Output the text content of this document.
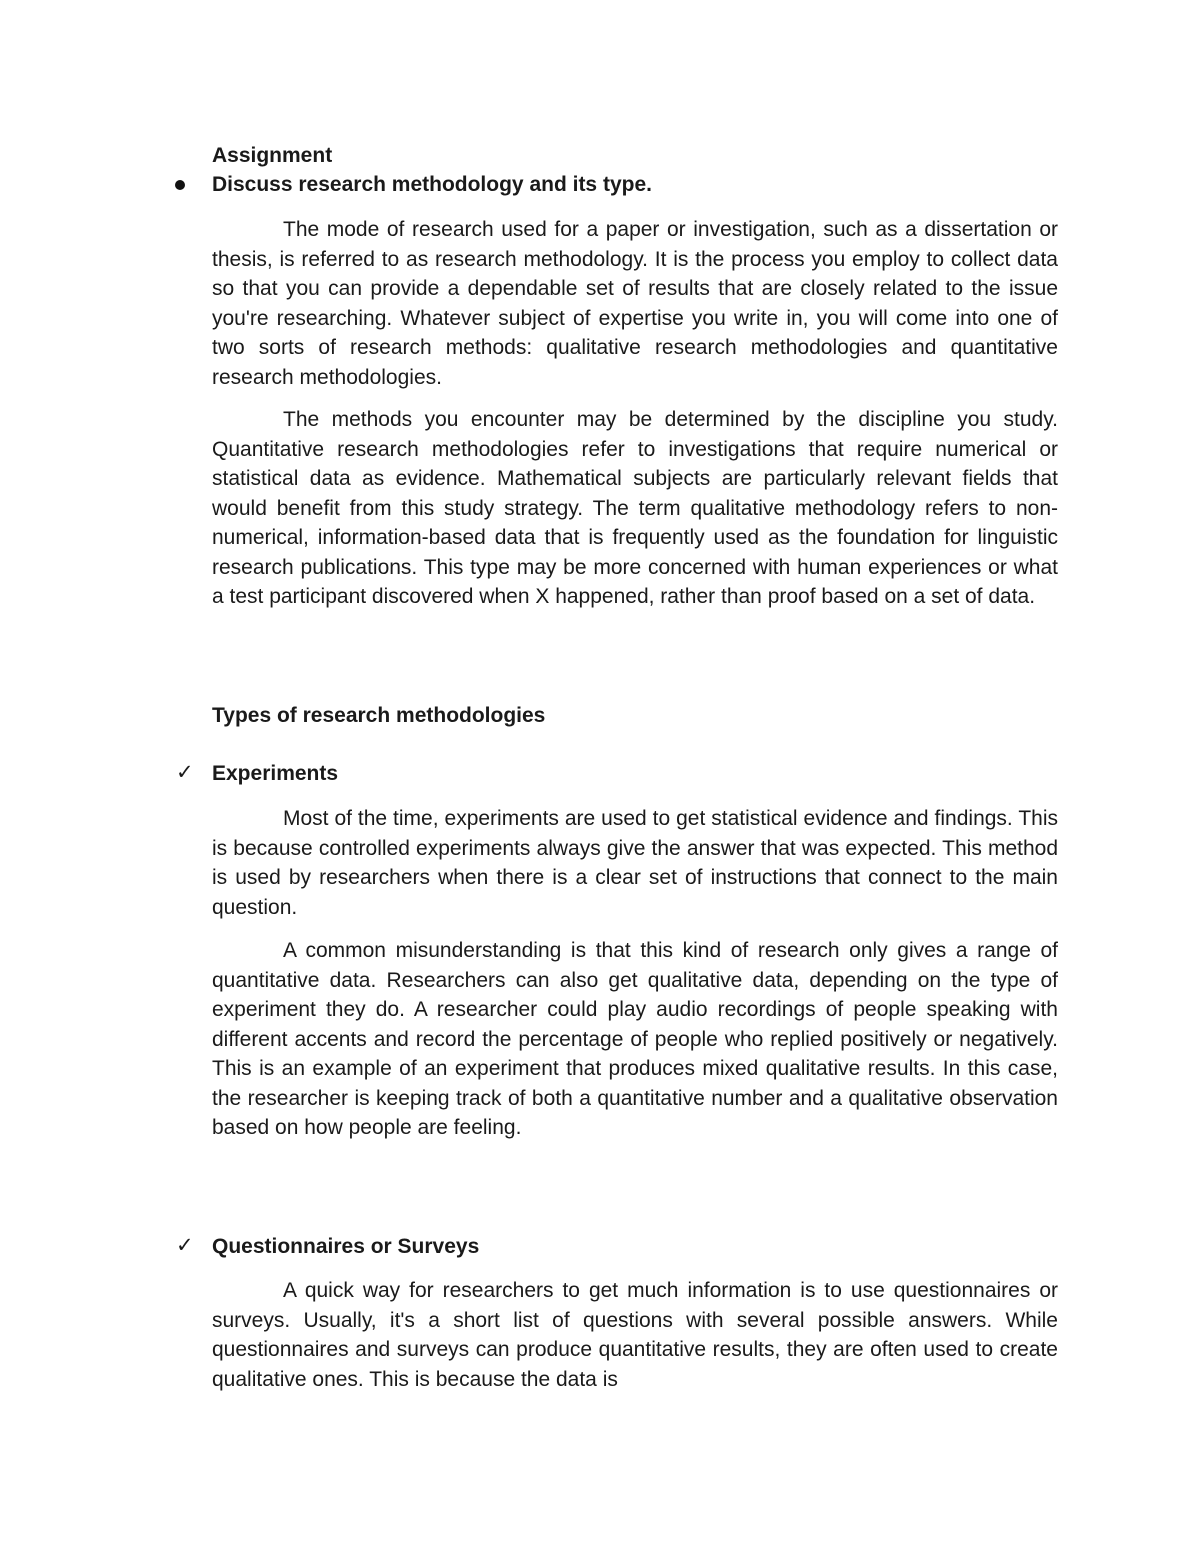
Assignment
Discuss research methodology and its type.

The mode of research used for a paper or investigation, such as a dissertation or thesis, is referred to as research methodology. It is the process you employ to collect data so that you can provide a dependable set of results that are closely related to the issue you're researching. Whatever subject of expertise you write in, you will come into one of two sorts of research methods: qualitative research methodologies and quantitative research methodologies.

The methods you encounter may be determined by the discipline you study. Quantitative research methodologies refer to investigations that require numerical or statistical data as evidence. Mathematical subjects are particularly relevant fields that would benefit from this study strategy. The term qualitative methodology refers to non-numerical, information-based data that is frequently used as the foundation for linguistic research publications. This type may be more concerned with human experiences or what a test participant discovered when X happened, rather than proof based on a set of data.

Types of research methodologies
✓ Experiments

Most of the time, experiments are used to get statistical evidence and findings. This is because controlled experiments always give the answer that was expected. This method is used by researchers when there is a clear set of instructions that connect to the main question.

A common misunderstanding is that this kind of research only gives a range of quantitative data. Researchers can also get qualitative data, depending on the type of experiment they do. A researcher could play audio recordings of people speaking with different accents and record the percentage of people who replied positively or negatively. This is an example of an experiment that produces mixed qualitative results. In this case, the researcher is keeping track of both a quantitative number and a qualitative observation based on how people are feeling.

✓ Questionnaires or Surveys

A quick way for researchers to get much information is to use questionnaires or surveys. Usually, it's a short list of questions with several possible answers. While questionnaires and surveys can produce quantitative results, they are often used to create qualitative ones. This is because the data is
